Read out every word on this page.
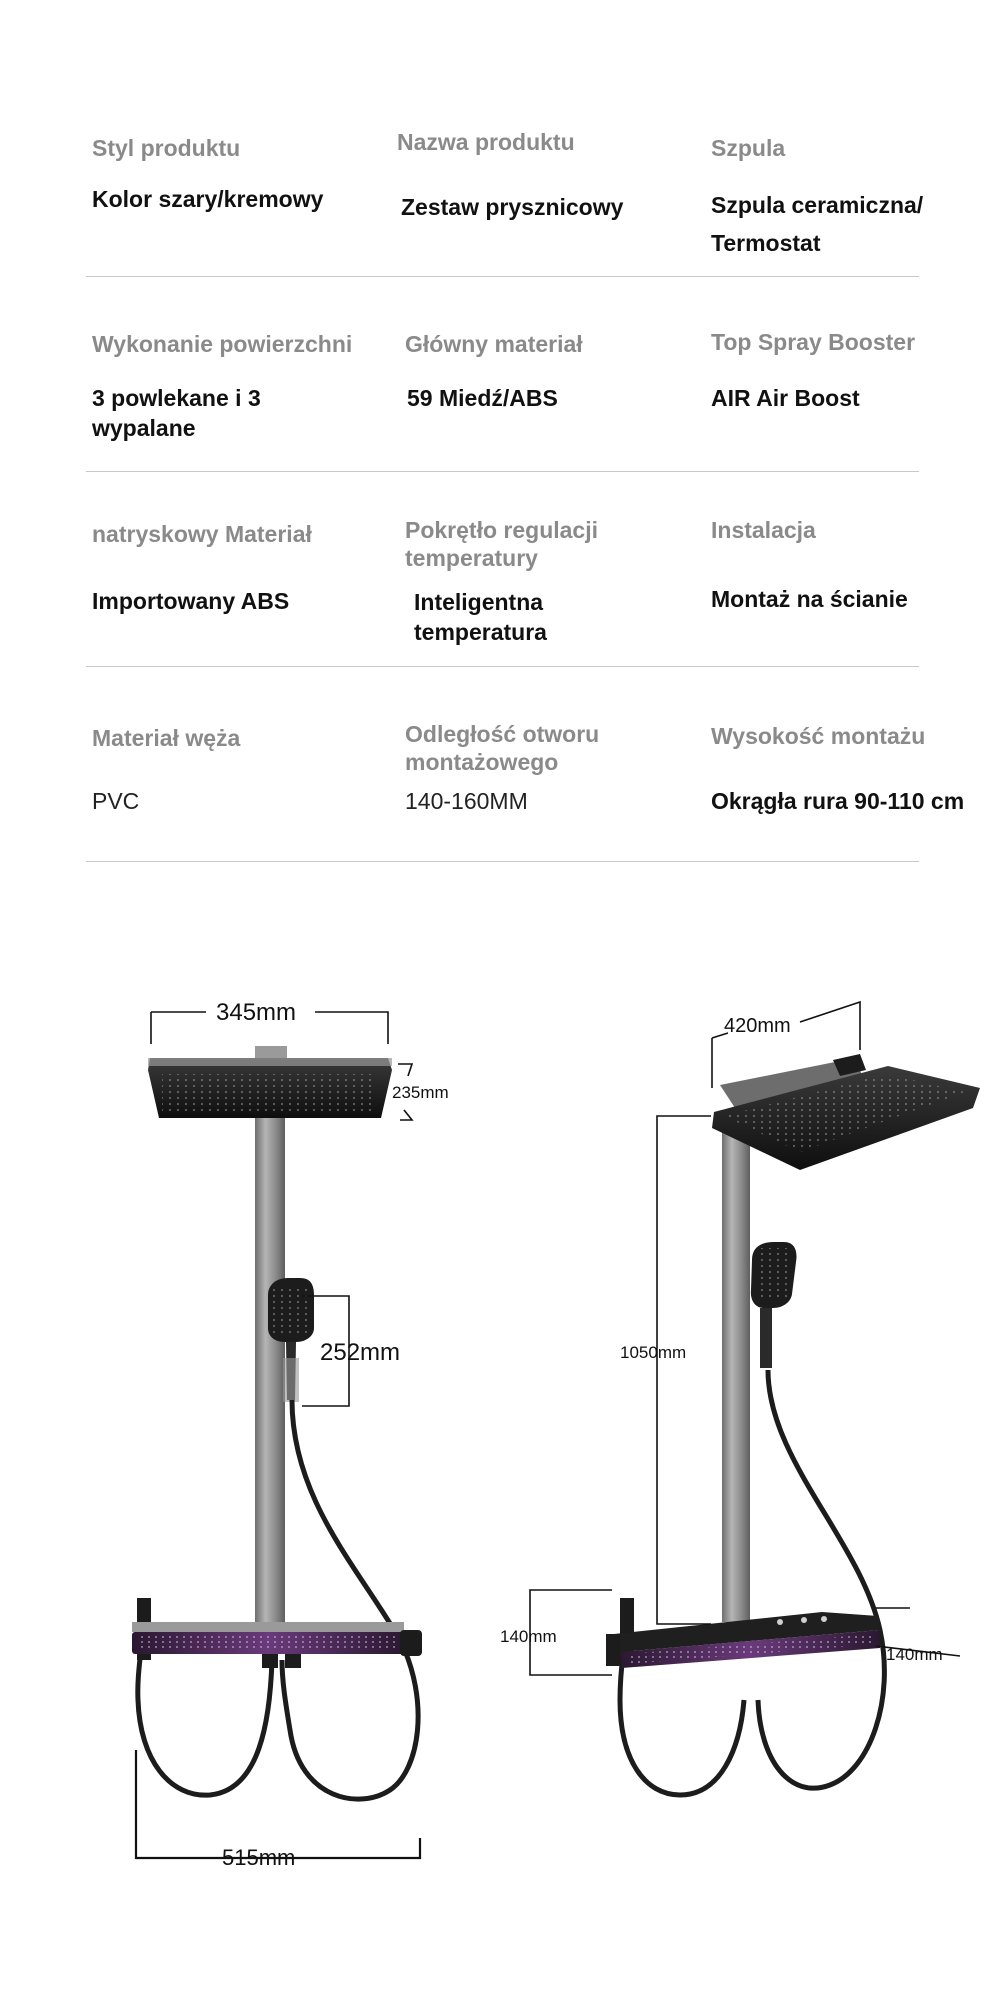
Styl produktu
Kolor szary/kremowy
Nazwa produktu
Zestaw prysznicowy
Szpula
Szpula ceramiczna/ Termostat
Wykonanie powierzchni
3 powlekane i 3 wypalane
Główny materiał
59 Miedź/ABS
Top Spray Booster
AIR Air Boost
natryskowy Materiał
Importowany ABS
Pokrętło regulacji temperatury
Inteligentna temperatura
Instalacja
Montaż na ścianie
Materiał węża
PVC
Odległość otworu montażowego
140-160MM
Wysokość montażu
Okrągła rura 90-110 cm
345mm
235mm
252mm
515mm
420mm
1050mm
140mm
140mm
